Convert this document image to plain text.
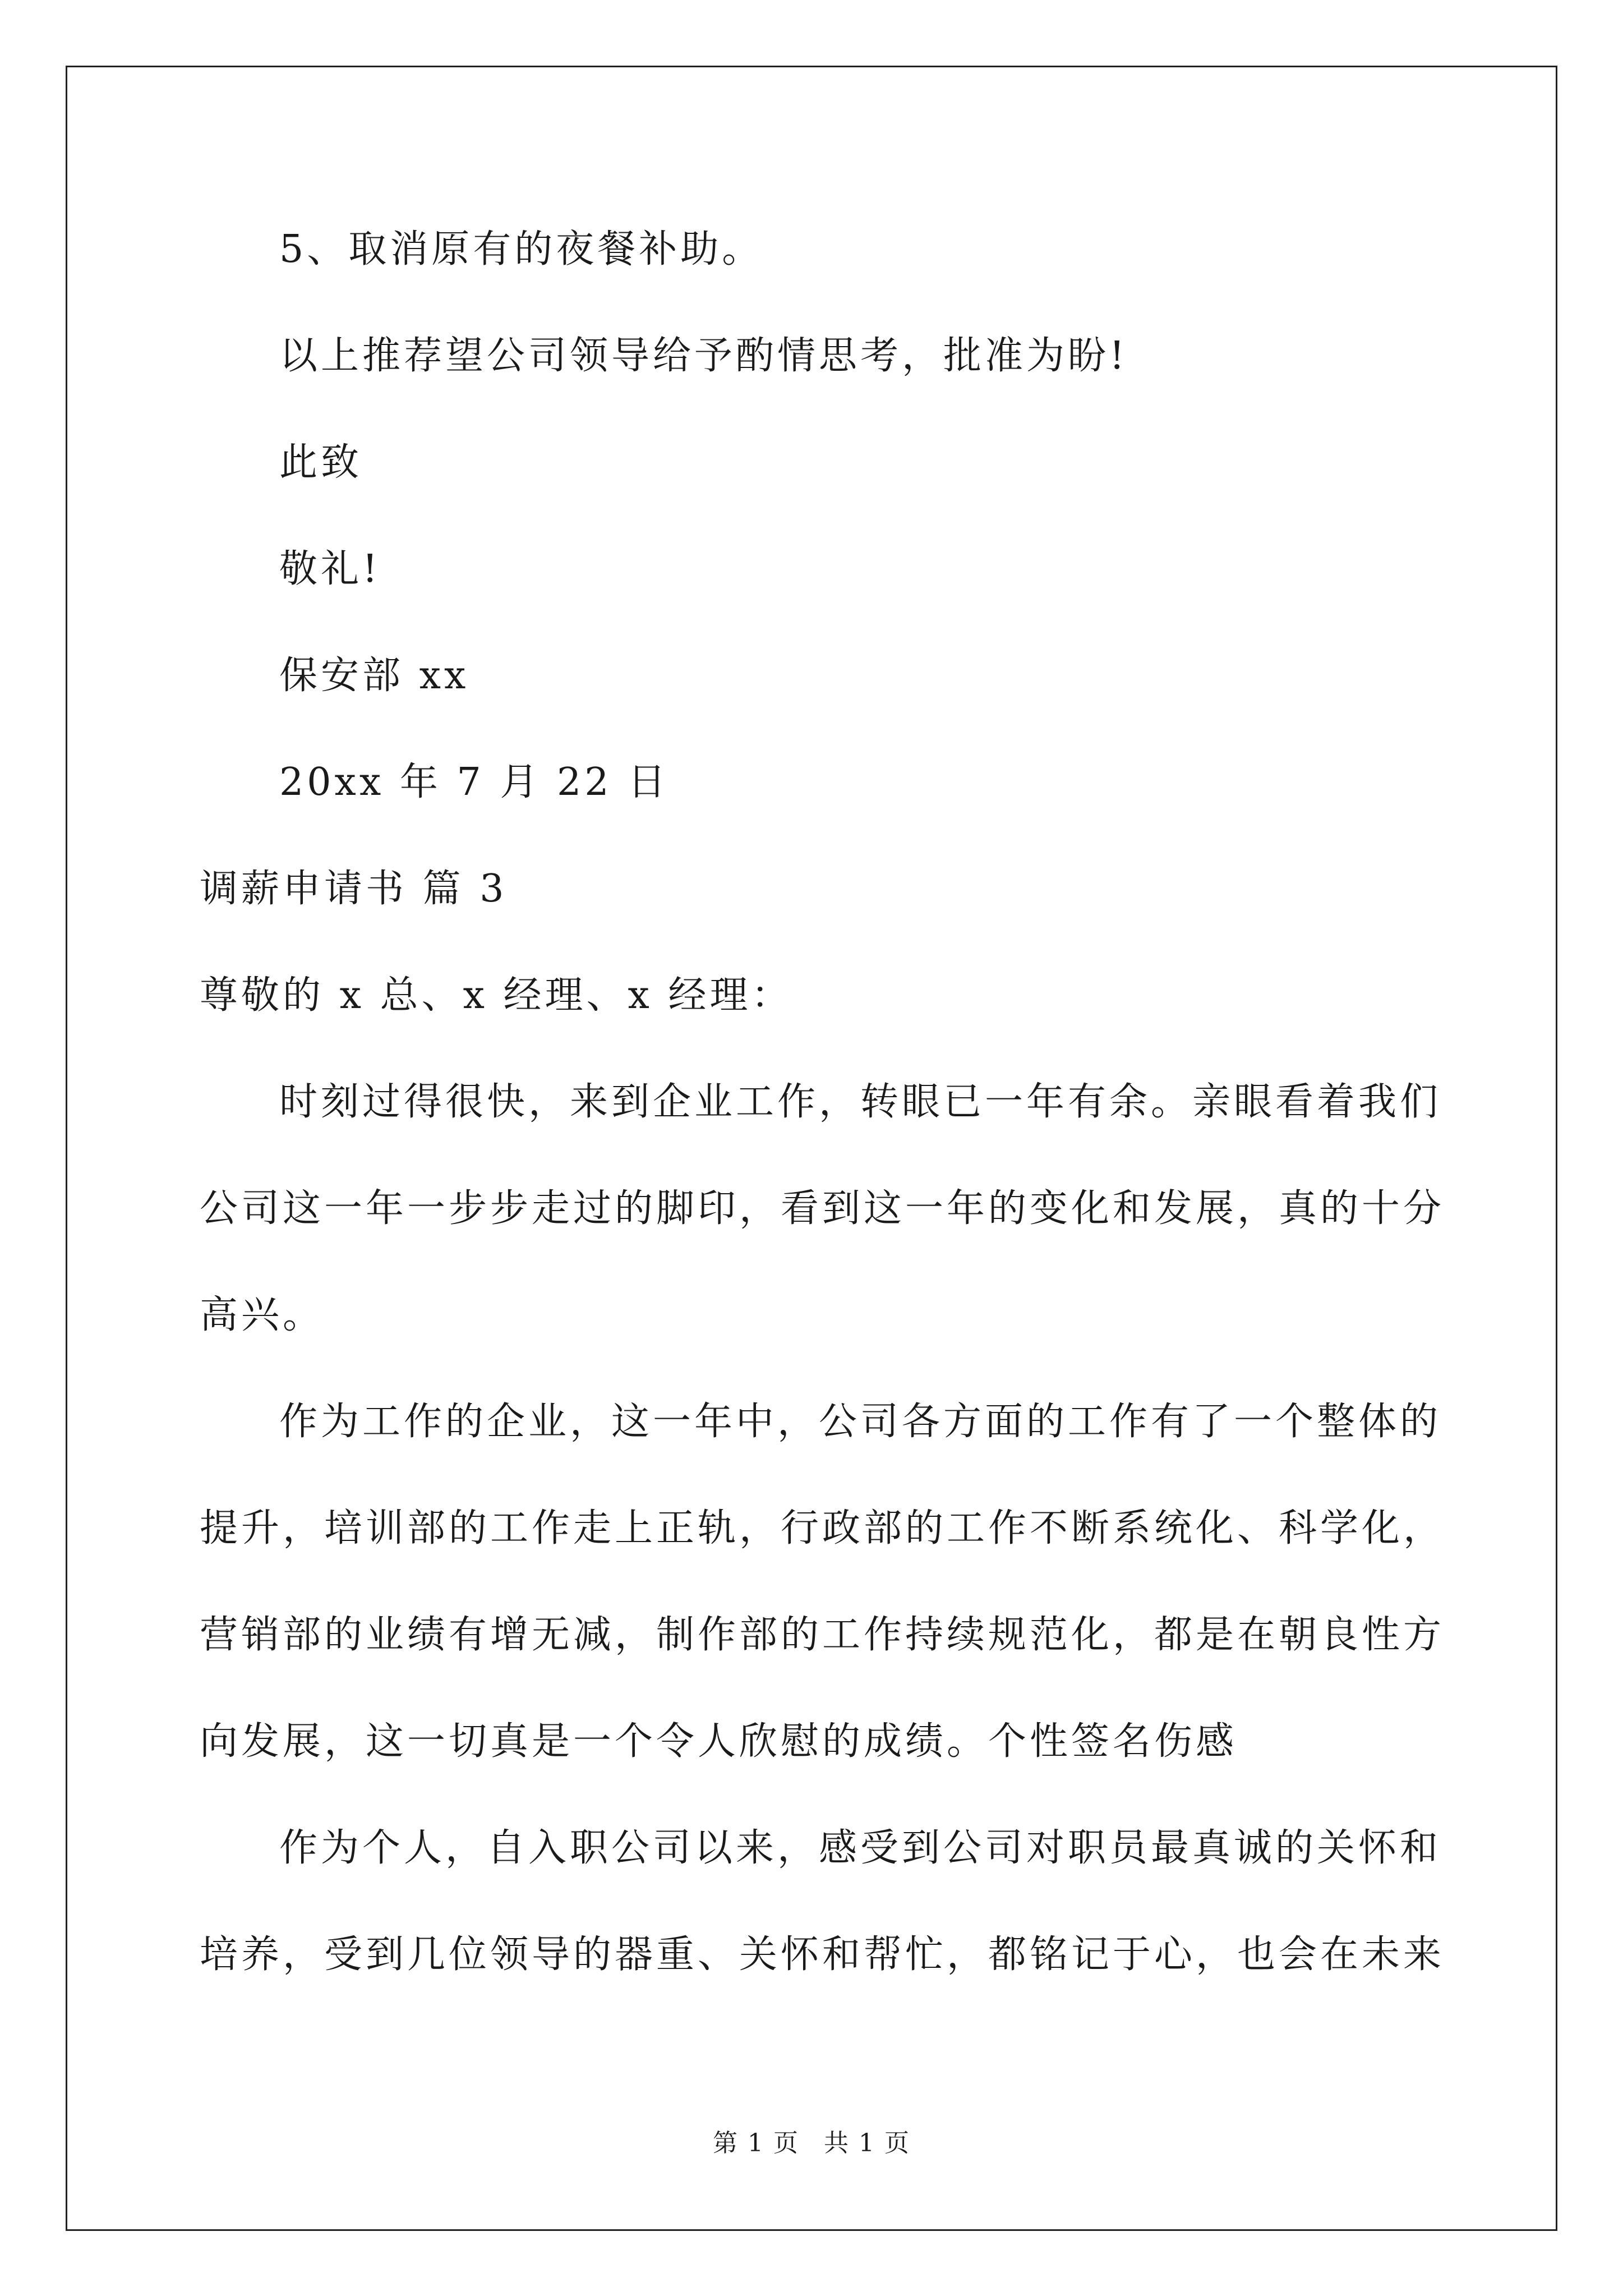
5、取消原有的夜餐补助。
以上推荐望公司领导给予酌情思考，批准为盼!
此致
敬礼!
保安部 xx
20xx 年 7 月 22 日
调薪申请书 篇 3
尊敬的 x 总、x 经理、x 经理：
时刻过得很快，来到企业工作，转眼已一年有余。亲眼看着我们
公司这一年一步步走过的脚印，看到这一年的变化和发展，真的十分
高兴。
作为工作的企业，这一年中，公司各方面的工作有了一个整体的
提升，培训部的工作走上正轨，行政部的工作不断系统化、科学化，
营销部的业绩有增无减，制作部的工作持续规范化，都是在朝良性方
向发展，这一切真是一个令人欣慰的成绩。个性签名伤感
作为个人，自入职公司以来，感受到公司对职员最真诚的关怀和
培养，受到几位领导的器重、关怀和帮忙，都铭记于心，也会在未来
第 1 页 共 1 页
